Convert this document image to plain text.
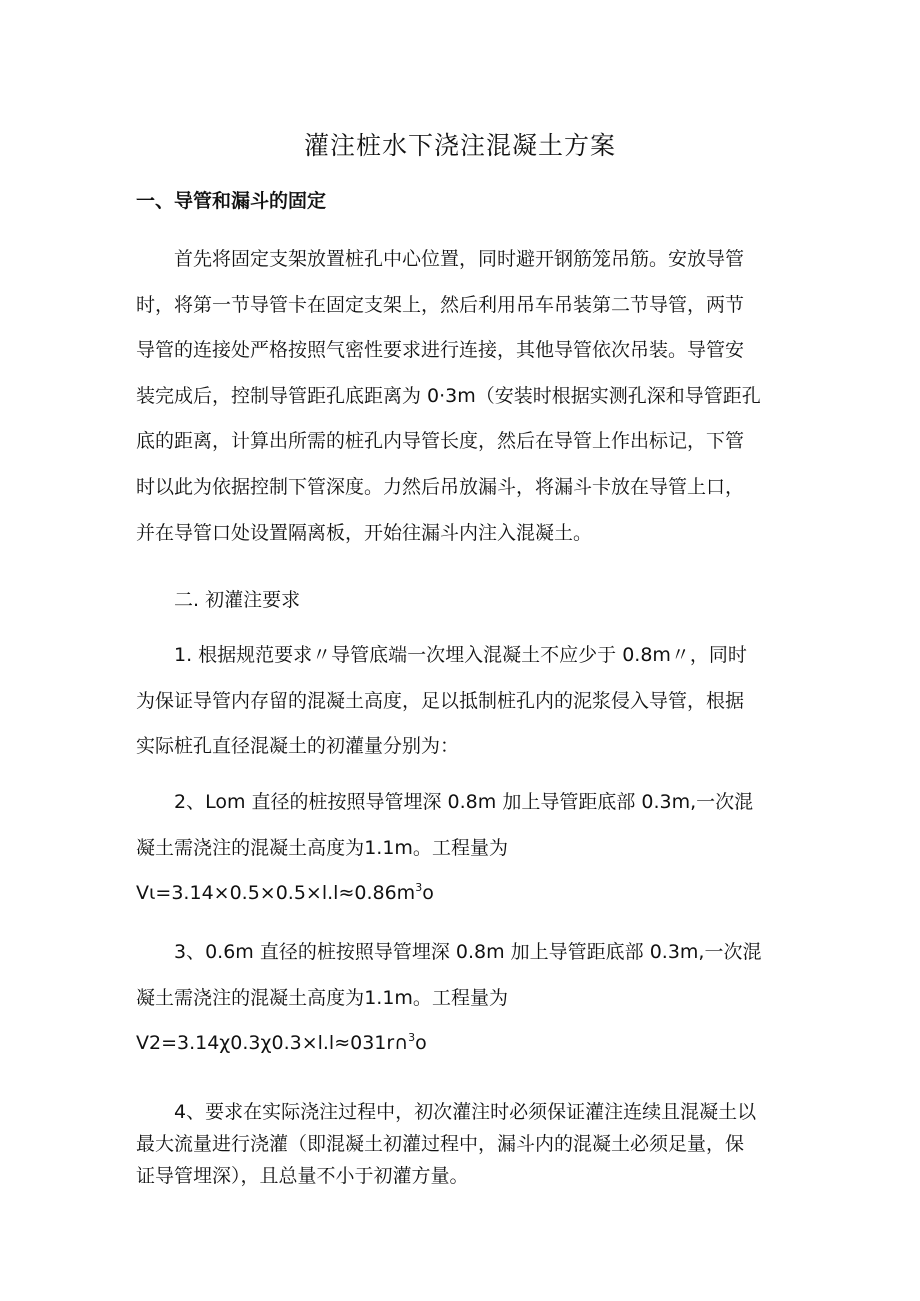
灌注桩水下浇注混凝土方案
一、导管和漏斗的固定
首先将固定支架放置桩孔中心位置，同时避开钢筋笼吊筋。安放导管
时，将第一节导管卡在固定支架上，然后利用吊车吊装第二节导管，两节
导管的连接处严格按照气密性要求进行连接，其他导管依次吊装。导管安
装完成后，控制导管距孔底距离为 0·3m（安装时根据实测孔深和导管距孔
底的距离，计算出所需的桩孔内导管长度，然后在导管上作出标记，下管
时以此为依据控制下管深度。力然后吊放漏斗，将漏斗卡放在导管上口，
并在导管口处设置隔离板，开始往漏斗内注入混凝土。
二. 初灌注要求
1. 根据规范要求〃导管底端一次埋入混凝土不应少于 0.8m〃，同时
为保证导管内存留的混凝土高度，足以抵制桩孔内的泥浆侵入导管，根据
实际桩孔直径混凝土的初灌量分别为：
2、Lom 直径的桩按照导管埋深 0.8m 加上导管距底部 0.3m,一次混
凝土需浇注的混凝土高度为1.1m。工程量为
$V\iota=3.14\times 0.5\times 0.5\times l.l\approx 0.86m^3o$
3、0.6m 直径的桩按照导管埋深 0.8m 加上导管距底部 0.3m,一次混
凝土需浇注的混凝土高度为1.1m。工程量为
V2=3.14χ0.3χ0.3×l.l≈031r∩$^3$o
4、要求在实际浇注过程中，初次灌注时必须保证灌注连续且混凝土以
最大流量进行浇灌（即混凝土初灌过程中，漏斗内的混凝土必须足量，保
证导管埋深），且总量不小于初灌方量。
